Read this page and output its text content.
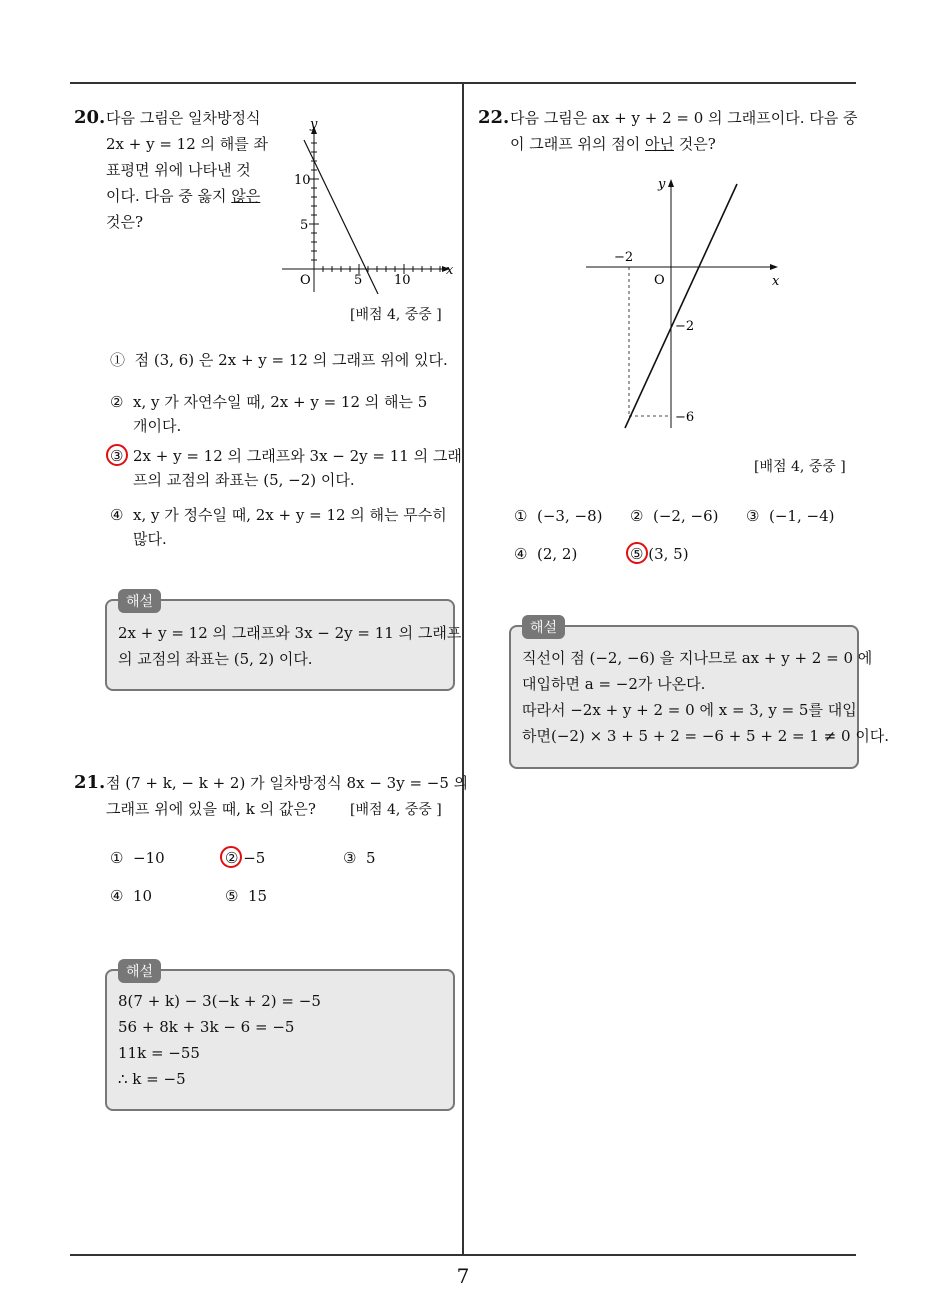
7
20. 다음 그림은 일차방정식
2x + y = 12 의 해를 좌
표평면 위에 나타낸 것
이다. 다음 중 옳지 않은
것은?
x
y
O	5 10
5
10
[배점 4, 중중 ]
① 점 (3, 6) 은 2x + y = 12 의 그래프 위에 있다.
② x, y 가 자연수일 때, 2x + y = 12 의 해는 5
개이다.
③ 2x + y = 12 의 그래프와 3x − 2y = 11 의 그래
프의 교점의 좌표는 (5, −2) 이다.
④ x, y 가 정수일 때, 2x + y = 12 의 해는 무수히
많다.
해설
2x + y = 12 의 그래프와 3x − 2y = 11 의 그래프
의 교점의 좌표는 (5, 2) 이다.
21. 점 (7 + k, − k + 2) 가 일차방정식 8x − 3y = −5 의
그래프 위에 있을 때, k 의 값은? [배점 4, 중중 ]
① −10	② −5	③ 5
④ 10	⑤ 15
해설
8(7 + k) − 3(−k + 2) = −5
56 + 8k + 3k − 6 = −5
11k = −55
∴ k = −5
22. 다음 그림은 ax + y + 2 = 0 의 그래프이다. 다음 중
이 그래프 위의 점이 아닌 것은?
x
y
O
−2
−2
−6
[배점 4, 중중 ]
① (−3, −8) ② (−2, −6) ③ (−1, −4)
④ (2, 2)	⑤ (3, 5)
해설
직선이 점 (−2, −6) 을 지나므로 ax + y + 2 = 0 에
대입하면 a = −2가 나온다.
따라서 −2x + y + 2 = 0 에 x = 3, y = 5를 대입
하면(−2) × 3 + 5 + 2 = −6 + 5 + 2 = 1 ≠ 0 이다.
